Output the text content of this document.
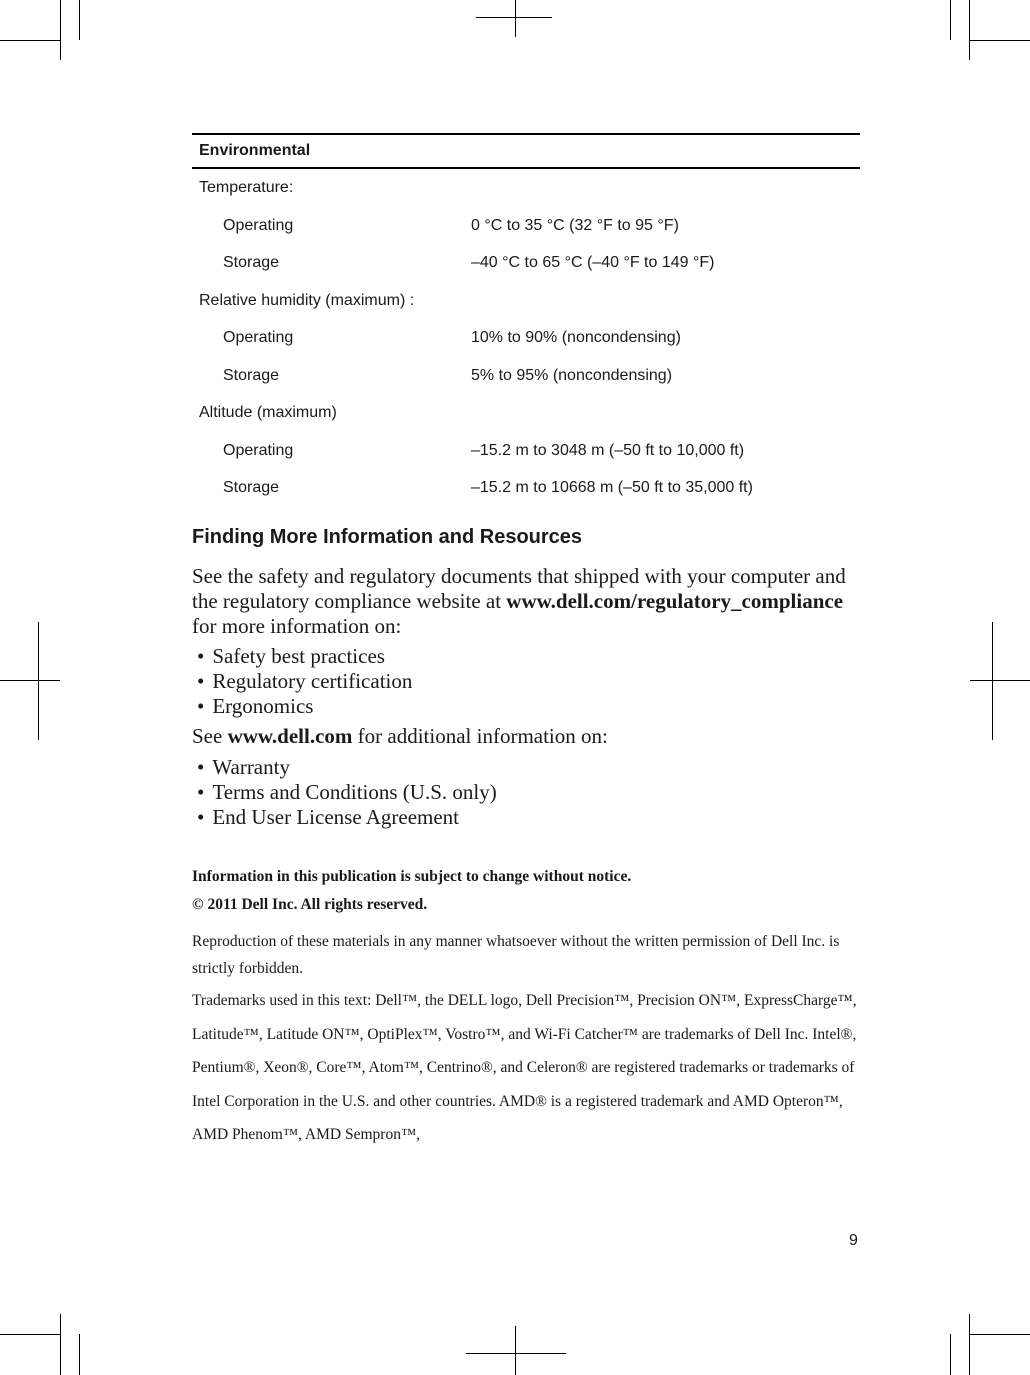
Environmental
Temperature:
Operating	0 °C to 35 °C (32 °F to 95 °F)
Storage	–40 °C to 65 °C (–40 °F to 149 °F)
Relative humidity (maximum) :
Operating	10% to 90% (noncondensing)
Storage	5% to 95% (noncondensing)
Altitude (maximum)
Operating	–15.2 m to 3048 m (–50 ft to 10,000 ft)
Storage	–15.2 m to 10668 m (–50 ft to 35,000 ft)
Finding More Information and Resources
See the safety and regulatory documents that shipped with your computer and the regulatory compliance website at www.dell.com/regulatory_compliance for more information on:
• Safety best practices
• Regulatory certification
• Ergonomics
See www.dell.com for additional information on:
• Warranty
• Terms and Conditions (U.S. only)
• End User License Agreement
Information in this publication is subject to change without notice.
© 2011 Dell Inc. All rights reserved.
Reproduction of these materials in any manner whatsoever without the written permission of Dell Inc. is strictly forbidden.
Trademarks used in this text: Dell™, the DELL logo, Dell Precision™, Precision ON™, ExpressCharge™, Latitude™, Latitude ON™, OptiPlex™, Vostro™, and Wi-Fi Catcher™ are trademarks of Dell Inc. Intel®, Pentium®, Xeon®, Core™, Atom™, Centrino®, and Celeron® are registered trademarks or trademarks of Intel Corporation in the U.S. and other countries. AMD® is a registered trademark and AMD Opteron™, AMD Phenom™, AMD Sempron™,
9
